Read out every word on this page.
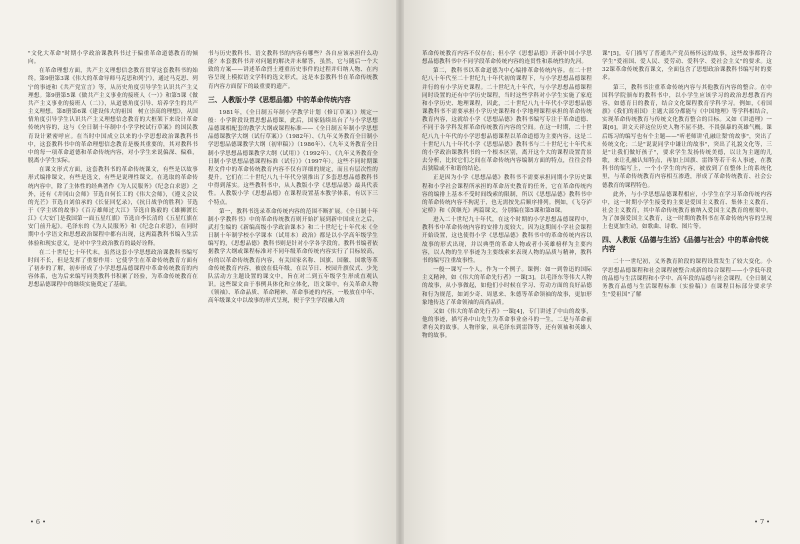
"文化大革命"时期小学政治课教科书过于偏重革命道德教育的倾向。

在革命理想方面，共产主义理想信念教育贯穿这套教科书的始终。第9册第3课《伟大的革命导师马克思和列宁》，通过马克思、列宁的事迹和《共产党宣言》等，从历史角度引导学生认识共产主义理想。第9册第5课《做共产主义事业的接班人（一）》和第5课《做共产主义事业的接班人（二）》，从道德角度引导、培养学生的共产主义理想。第8册第6课《建设伟大的祖国　树立崇高的理想》，从国情角度引导学生认识共产主义理想信念教育的大框架下来设计革命传统内容的，这与《全日制十年制中小学学校试行草案》的国民教育设计紧密呼应。在当时中国成立以来的小学思想政治课教科书中，这套教科书中的革命理想信念教育是极其重要的，其对教科书中的每一项革命道德和革命传统内容，对小学生来说偏深、偏难，脱离小学生实际。

在课文形式方面，这套教科书的革命传统课文，有些是以故事形式编排课文，有些是选文，有些是说理性课文。在选取的革命传统内容中，除了主体性的经典著作《为人民服务》《纪念白求恩》之外，还有《井冈山会师》节选自何长工的《伟大会师》，《遵义会议的光芒》节选自刘伯承的《长征回忆录》，《抗日战争的胜利》节选于《学主席的故事》《百万雄师过大江》节选自陈毅的《雄狮渡长江》《大安门是我国第一面五星红旗》节选自李长清的《五星红旗在安门前升起》。毛泽东的《为人民服务》和《纪念白求恩》，在同时期中小学语文和思想政治课程中都有出现，这两篇教科书编入生活体验和现实意义，是对中学生政治教育的最好诠释。

在二十世纪七十年代末，虽然这套小学思想政治课教科书编写时间不长，但是发挥了重要作用：它使学生在革命传统教育方面有了初步的了解，初步形成了小学思想品德课程中革命传统教育的内容体系，也为后来编写同类教科书积累了经验，为革命传统教育在思想品德课程中的继续实施奠定了基础。

书与历史教科书、语文教科书的内容有哪些？各自应该承担什么功能？本套教科书并对问题的解决并未解答，虽然，它与随后一个大致的方案——讲述革命烈士遵重历史事件的过程并归纳人物、在内容呈现上模拟语文学科的选文形式，这是本套教科书在革命传统教育内容方面留下的最重要的遗产。

三、人教版小学《思想品德》中的革命传统内容

1981年，《全日制五年制小学教学计划（修订草案）》规定一般：小学阶段设置思想品德课，此后，国家陆续出台了与小学思想品德课相配套的教学大纲或课程标准——《全日制五年制小学思想品德课教学大纲（试行草案）》（1982年）、《九年义务教育全日制小学思想品德课教学大纲（初审稿）》（1986年）、《九年义务教育全日制小学思想品德课教学大纲（试用）》（1992年）、《九年义务教育全日制小学思想品德课程标准（试行）》（1997年）。这些不同时期课程文件中的革命传统教育内容不仅有详细的规定，而且有层次性的提升。它们在二十世纪八九十年代分别推出了多套思想品德教科书中得到落实。这些教科书中，从人教版小学《思想品德》最具代表性。人教版小学《思想品德》在课程设置基本教学体系，有以下三个特点。

第一，教科书选录革命传统内容的范围不断扩展。《全日制十年制小学教科书》中的革命传统教育则开始扩展到新中国成立之后，武打生编的《新编高级小学政治课本》和二十世纪七十年代末《全日制十年制学校小学课本（试用本）政治》都是以小学高年级学生编写的，《思想品德》教科书则是针对小学各学段的。教科书编者依据教学大纲或课程标准对不同年级革命传统内容实行了目标较高，有的以革命传统教育内容，有关国家名称、国旗、国徽、国歌等革命传统教育内容，被放在低年级，在以节日、校园升旗仪式、少先队活动方主题设置的课文中，旨在对二到五年级学生形成直观认识。这些课文由于事例具体化和立体化，语文课中，有关革命人物《领袖》、革命品质、革命精神、革命事迹的内容，一般放在中年、高年级课文中以故事的形式呈现，便于学生学段融入的

• 6 •

革命传统教育内容不仅存在；但小学《思想品德》开新中国小学思想品德教科书中不同学段革命传统内容的连贯性和系统性的先河。

第二，教科书以革命道德为中心编排革命传统内容。在二十世纪八十年代至二十世纪九十年代初的课程下，与小学思想品德课程并行的有小学历史课程。二十世纪九十年代，与小学思想品德课程同时设置的还有中学历史课程，当时这些学科对小学生实施了家庭和小学历史、地理课程，因此，二十世纪八九十年代小学思想品德课教科书不需要承担小学历史课程和小学地理课程承担的革命传统教育内容，这就给小学《思想品德》教科书编写专注于革命道德、不同于各学科发挥革命传统教育内容的空间。在这一时期，二十世纪八九十年代的小学思想品德课程以革命道德为主要内容。这是二十世纪八九十年代小学《思想品德》教科书与二十世纪七十年代末的小学政治课教科书的一个根本区别，离开这个大的课程设置背景去分析，比较它们之间在革命传统内容编制方面的特点，往往会得出狭隘或不和谐的结论。

正是因为小学《思想品德》教科书不需要承担同期小学历史课程和小学社会课程所承担的革命历史教育的任务，它在革命传统内容的编排上基本不受时间线索的限制，所以《思想品德》教科书中的革命传统内容不拘泥于，也无需按先后顺序排列。例如，《飞夺泸定桥》和《黄继光》两篇课文，分别编在第5课和第8课。

进入二十世纪九十年代，在这个时期的小学思想品德课程中，教科书中革命传统内容的安排力度较大。因为这期间小学社会课程开始设置，这也使得小学《思想品德》教科书中的革命传统内容以故事的形式出现，并以典型的革命人物或者小英雄榜样为主要内容，以人物的生平事迹为主要线索来表现人物的品质与精神，教科书的编写注重故事性。

一般一课写一个人，作为一个例子。课例：如一到鲁迅的国际主义精神，如《伟大的革命先行者》一课[3]。以毛泽东等伟大人物的故事，从小事做起，如他们小时候在学习、劳动方面的良好品德和行为规范，如刘少奇、周恩来、朱德等革命领袖的故事，更加形象地传达了革命领袖的高尚品质。

又如《伟大的革命先行者》一课[4]，专门讲述了中山的故事，他的事迹，描写孙中山先生为革命事业奋斗的一生，二是与革命前辈有关的故事。人物形象，从毛泽东到雷锋等，还有领袖和英雄人物的故事。

课"[5]，专门描写了普通共产党员杨怀远的故事，这些故事都符合学生"爱祖国、爱人民、爱劳动、爱科学、爱社会主义"的要求。这32课革命传统教育课文，全面包含了思想政治课教科书编写时的要求。

第三，教科书注重革命传统内容与其他教育内容的整合。在中国科学院颁布的教科书中，以小学生应该学习的政治思想教育内容，如德育日的教育，结合文化课程教育学科学习。例如，《看国旗》《我们的祖国》主题大部分都能与《中国地理》等学科相结合，实现革命传统教育与传统文化教育整合的目标。又如《讲道理》一课[6]，讲文天祥这位历史人物不屈不挠、不畏强暴的英雄气概。课后练习的编写也有个主题——"听老师讲'孔融让梨'的故事"，突出了传统文化；二是"说说同学中谦让的故事"，突出了礼貌文化等，三是"让我们做好孩子"，要求学生发扬传统美德，以让为主题的儿歌，来让孔融认知特点，再加上国旗、雷锋等若干名人事迹，在教科书的编写上，一个小学生的内容，被放到了在整体上的系统化里，与革命传统教育内容相互渗透，形成了革命传统教育、社会公德教育的课程特色。

此外，与小学思想品德课程相应，小学生在学习革命传统内容中，这一时期小学生接受的主要是爱国主义教育、集体主义教育、社会主义教育，其中革命传统教育被纳入爱国主义教育的框架中。为了加强爱国主义教育，这一时期的教科书在革命传统内容的呈现上也更加生动，如歌曲、诗歌、图片等。

四、人教版《品德与生活》《品德与社会》中的革命传统内容

二十一世纪初，义务教育阶段的课程设置发生了较大变化。小学思想品德课程和社会课程被整合成新的综合课程——小学低年段的品德与生活课程和小学中、高年段的品德与社会课程。《全日制义务教育品德与生活课程标准（实验稿）》在课程目标部分要求学生"爱祖国"了解

• 7 •
